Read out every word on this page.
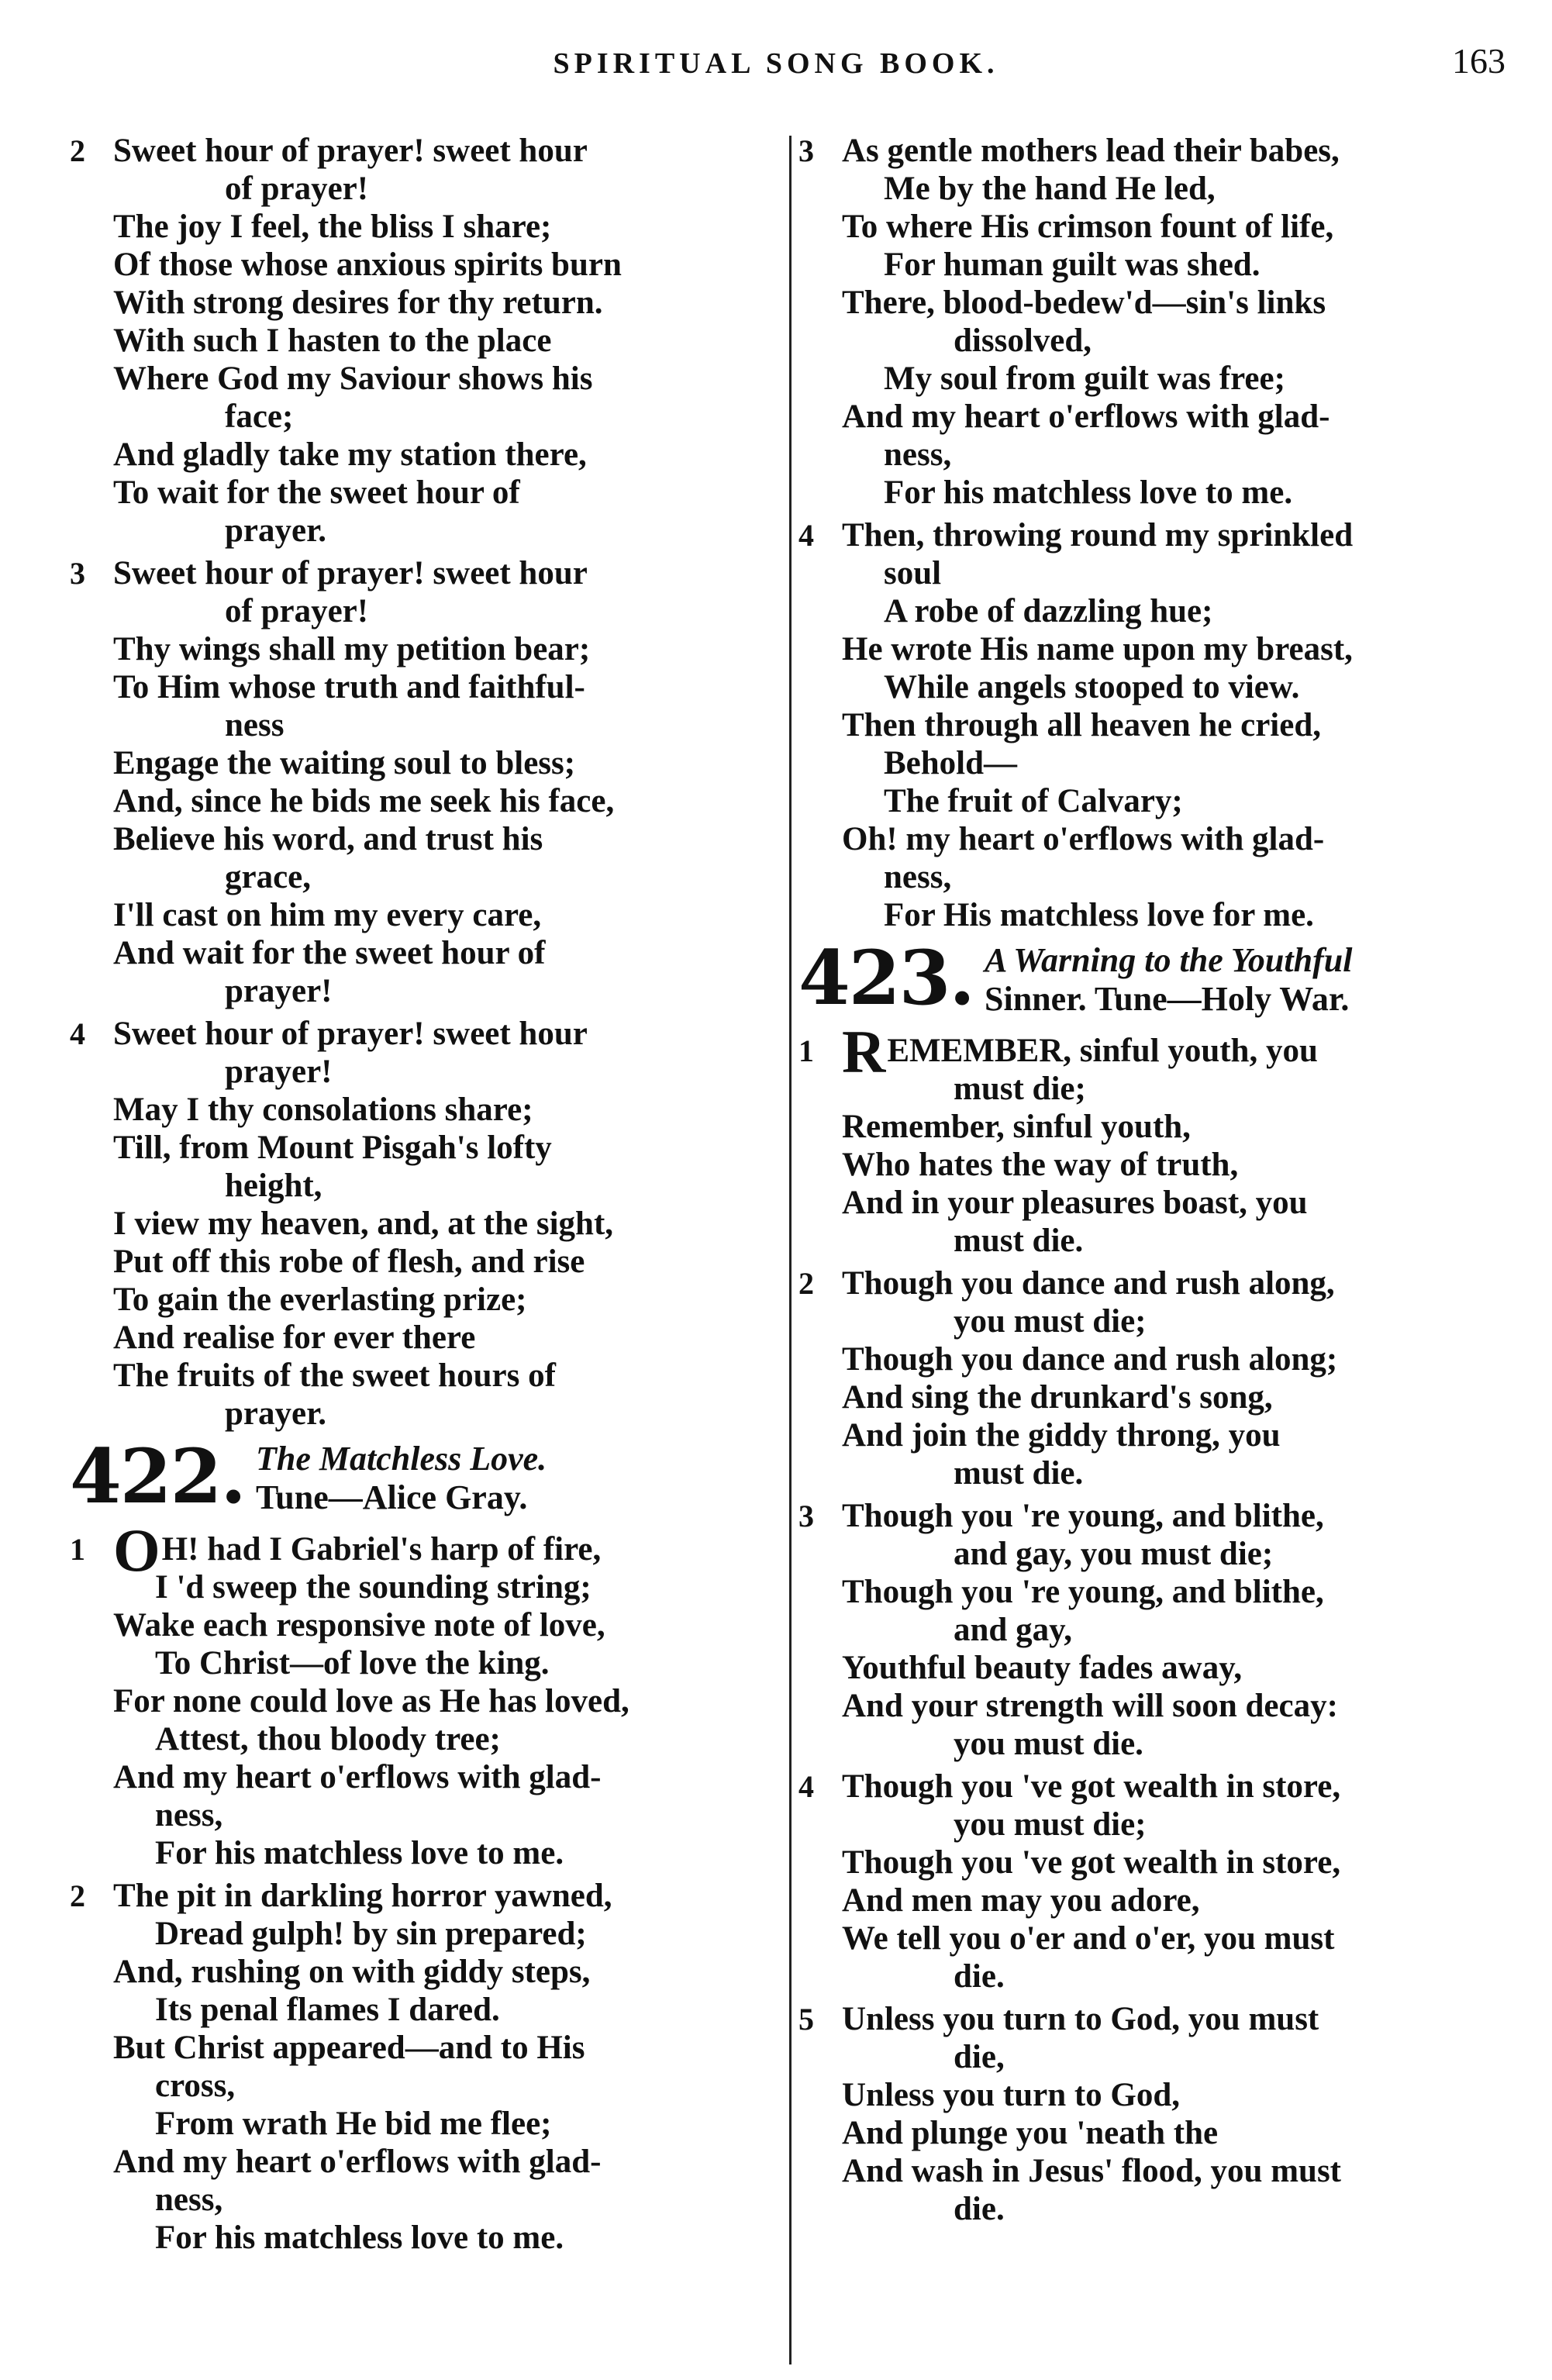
SPIRITUAL SONG BOOK.	163
2 Sweet hour of prayer! sweet hour
of prayer!
The joy I feel, the bliss I share;
Of those whose anxious spirits burn
With strong desires for thy return.
With such I hasten to the place
Where God my Saviour shows his
face;
And gladly take my station there,
To wait for the sweet hour of
prayer.
3 Sweet hour of prayer! sweet hour
of prayer!
Thy wings shall my petition bear;
To Him whose truth and faithful-
ness
Engage the waiting soul to bless;
And, since he bids me seek his face,
Believe his word, and trust his
grace,
I'll cast on him my every care,
And wait for the sweet hour of
prayer!
4 Sweet hour of prayer! sweet hour
prayer!
May I thy consolations share;
Till, from Mount Pisgah's lofty
height,
I view my heaven, and, at the sight,
Put off this robe of flesh, and rise
To gain the everlasting prize;
And realise for ever there
The fruits of the sweet hours of
prayer.
422. The Matchless Love.
Tune—Alice Gray.
1 OH! had I Gabriel's harp of fire,
I 'd sweep the sounding string;
Wake each responsive note of love,
To Christ—of love the king.
For none could love as He has loved,
Attest, thou bloody tree;
And my heart o'erflows with glad-
ness,
For his matchless love to me.
2 The pit in darkling horror yawned,
Dread gulph! by sin prepared;
And, rushing on with giddy steps,
Its penal flames I dared.
But Christ appeared—and to His
cross,
From wrath He bid me flee;
And my heart o'erflows with glad-
ness,
For his matchless love to me.
3 As gentle mothers lead their babes,
Me by the hand He led,
To where His crimson fount of life,
For human guilt was shed.
There, blood-bedew'd—sin's links
dissolved,
My soul from guilt was free;
And my heart o'erflows with glad-
ness,
For his matchless love to me.
4 Then, throwing round my sprinkled
soul
A robe of dazzling hue;
He wrote His name upon my breast,
While angels stooped to view.
Then through all heaven he cried,
Behold—
The fruit of Calvary;
Oh! my heart o'erflows with glad-
ness,
For His matchless love for me.
423. A Warning to the Youthful
Sinner. Tune—Holy War.
1 REMEMBER, sinful youth, you
must die;
Remember, sinful youth,
Who hates the way of truth,
And in your pleasures boast, you
must die.
2 Though you dance and rush along,
you must die;
Though you dance and rush along;
And sing the drunkard's song,
And join the giddy throng, you
must die.
3 Though you 're young, and blithe,
and gay, you must die;
Though you 're young, and blithe,
and gay,
Youthful beauty fades away,
And your strength will soon decay:
you must die.
4 Though you 've got wealth in store,
you must die;
Though you 've got wealth in store,
And men may you adore,
We tell you o'er and o'er, you must
die.
5 Unless you turn to God, you must
die,
Unless you turn to God,
And plunge you 'neath the
And wash in Jesus' flood, you must
die.
